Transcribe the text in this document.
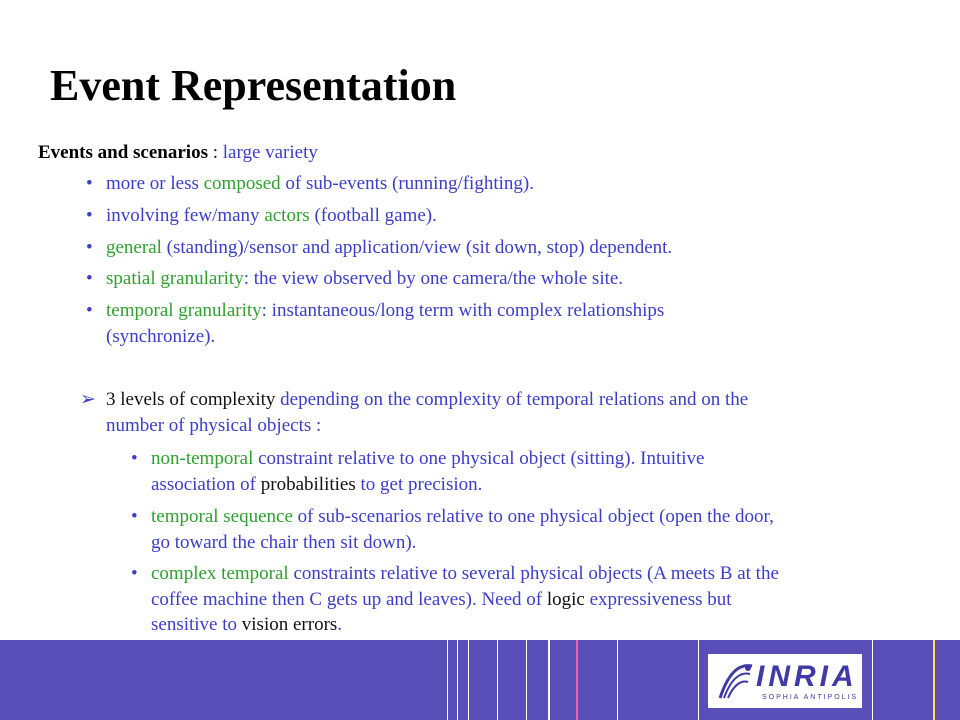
Event Representation
Events and scenarios : large variety
• more or less composed of sub-events (running/fighting).

• involving few/many actors (football game).

• general (standing)/sensor and application/view (sit down, stop) dependent.

• spatial granularity: the view observed by one camera/the whole site.

• temporal granularity: instantaneous/long term with complex relationships

(synchronize).

➢ 3 levels of complexity depending on the complexity of temporal relations and on the

number of physical objects :

• non-temporal constraint relative to one physical object (sitting). Intuitive

association of probabilities to get precision.

• temporal sequence of sub-scenarios relative to one physical object (open the door,

go toward the chair then sit down).

• complex temporal constraints relative to several physical objects (A meets B at the

coffee machine then C gets up and leaves). Need of logic expressiveness but

sensitive to vision errors.

INRIA
SOPHIA ANTIPOLIS
